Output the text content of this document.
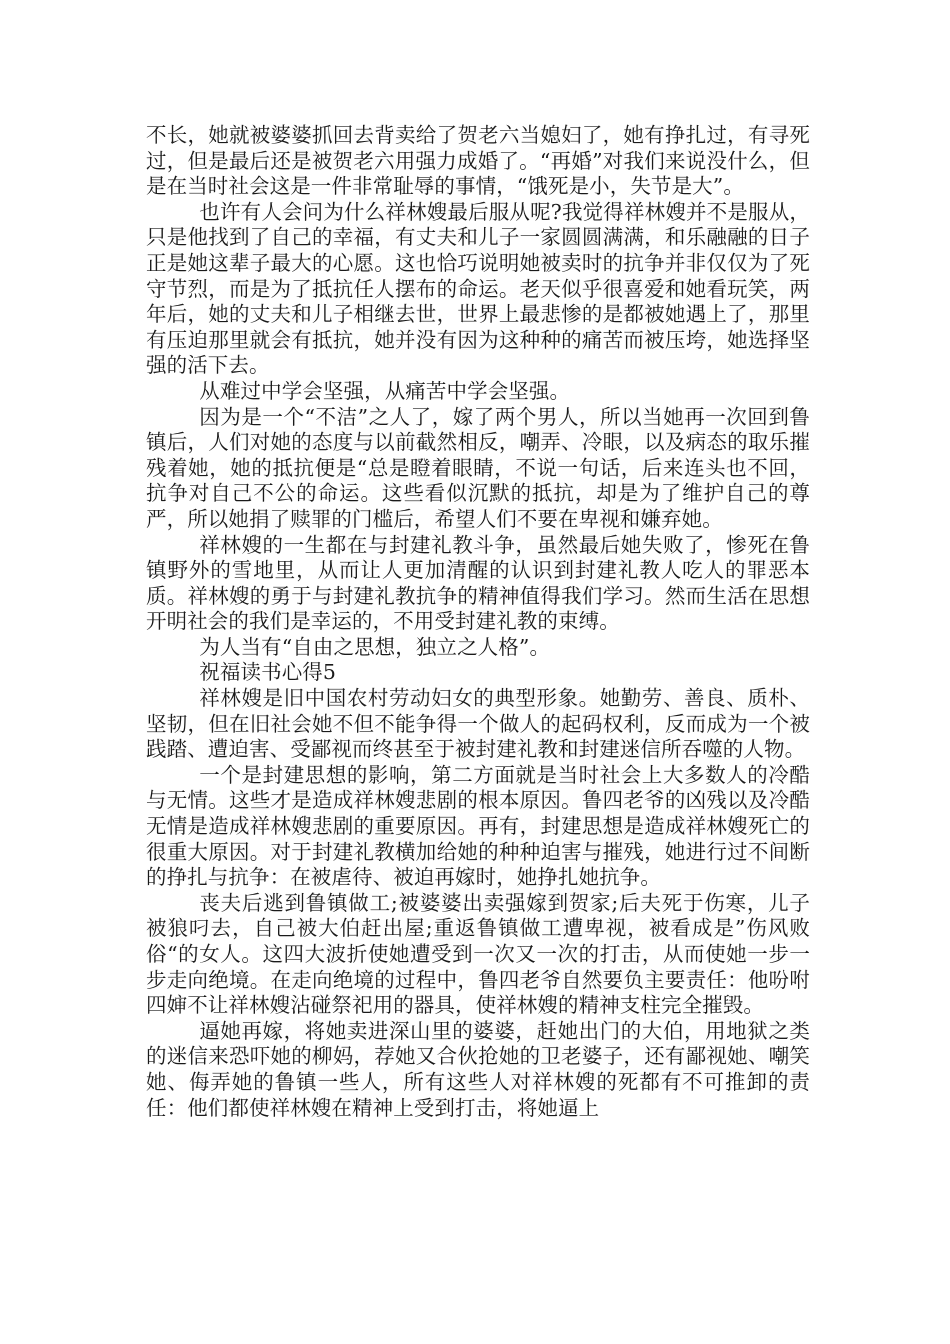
不长，她就被婆婆抓回去背卖给了贺老六当媳妇了，她有挣扎过，有寻死过，但是最后还是被贺老六用强力成婚了。“再婚”对我们来说没什么，但是在当时社会这是一件非常耻辱的事情，“饿死是小，失节是大”。

也许有人会问为什么祥林嫂最后服从呢?我觉得祥林嫂并不是服从，只是他找到了自己的幸福，有丈夫和儿子一家圆圆满满，和乐融融的日子正是她这辈子最大的心愿。这也恰巧说明她被卖时的抗争并非仅仅为了死守节烈，而是为了抵抗任人摆布的命运。老天似乎很喜爱和她看玩笑，两年后，她的丈夫和儿子相继去世，世界上最悲惨的是都被她遇上了，那里有压迫那里就会有抵抗，她并没有因为这种种的痛苦而被压垮，她选择坚强的活下去。

从难过中学会坚强，从痛苦中学会坚强。

因为是一个“不洁”之人了，嫁了两个男人，所以当她再一次回到鲁镇后，人们对她的态度与以前截然相反，嘲弄、冷眼，以及病态的取乐摧残着她，她的抵抗便是“总是瞪着眼睛，不说一句话，后来连头也不回，抗争对自己不公的命运。这些看似沉默的抵抗，却是为了维护自己的尊严，所以她捐了赎罪的门槛后，希望人们不要在卑视和嫌弃她。

祥林嫂的一生都在与封建礼教斗争，虽然最后她失败了，惨死在鲁镇野外的雪地里，从而让人更加清醒的认识到封建礼教人吃人的罪恶本质。祥林嫂的勇于与封建礼教抗争的精神值得我们学习。然而生活在思想开明社会的我们是幸运的，不用受封建礼教的束缚。

为人当有“自由之思想，独立之人格”。

祝福读书心得5

祥林嫂是旧中国农村劳动妇女的典型形象。她勤劳、善良、质朴、坚韧，但在旧社会她不但不能争得一个做人的起码权利，反而成为一个被践踏、遭迫害、受鄙视而终甚至于被封建礼教和封建迷信所吞噬的人物。

一个是封建思想的影响，第二方面就是当时社会上大多数人的冷酷与无情。这些才是造成祥林嫂悲剧的根本原因。鲁四老爷的凶残以及冷酷无情是造成祥林嫂悲剧的重要原因。再有，封建思想是造成祥林嫂死亡的很重大原因。对于封建礼教横加给她的种种迫害与摧残，她进行过不间断的挣扎与抗争：在被虐待、被迫再嫁时，她挣扎她抗争。

丧夫后逃到鲁镇做工;被婆婆出卖强嫁到贺家;后夫死于伤寒，儿子被狼叼去，自己被大伯赶出屋;重返鲁镇做工遭卑视，被看成是”伤风败俗“的女人。这四大波折使她遭受到一次又一次的打击，从而使她一步一步走向绝境。在走向绝境的过程中，鲁四老爷自然要负主要责任：他吩咐四婶不让祥林嫂沾碰祭祀用的器具，使祥林嫂的精神支柱完全摧毁。

逼她再嫁，将她卖进深山里的婆婆，赶她出门的大伯，用地狱之类的迷信来恐吓她的柳妈，荐她又合伙抢她的卫老婆子，还有鄙视她、嘲笑她、侮弄她的鲁镇一些人，所有这些人对祥林嫂的死都有不可推卸的责任：他们都使祥林嫂在精神上受到打击，将她逼上
